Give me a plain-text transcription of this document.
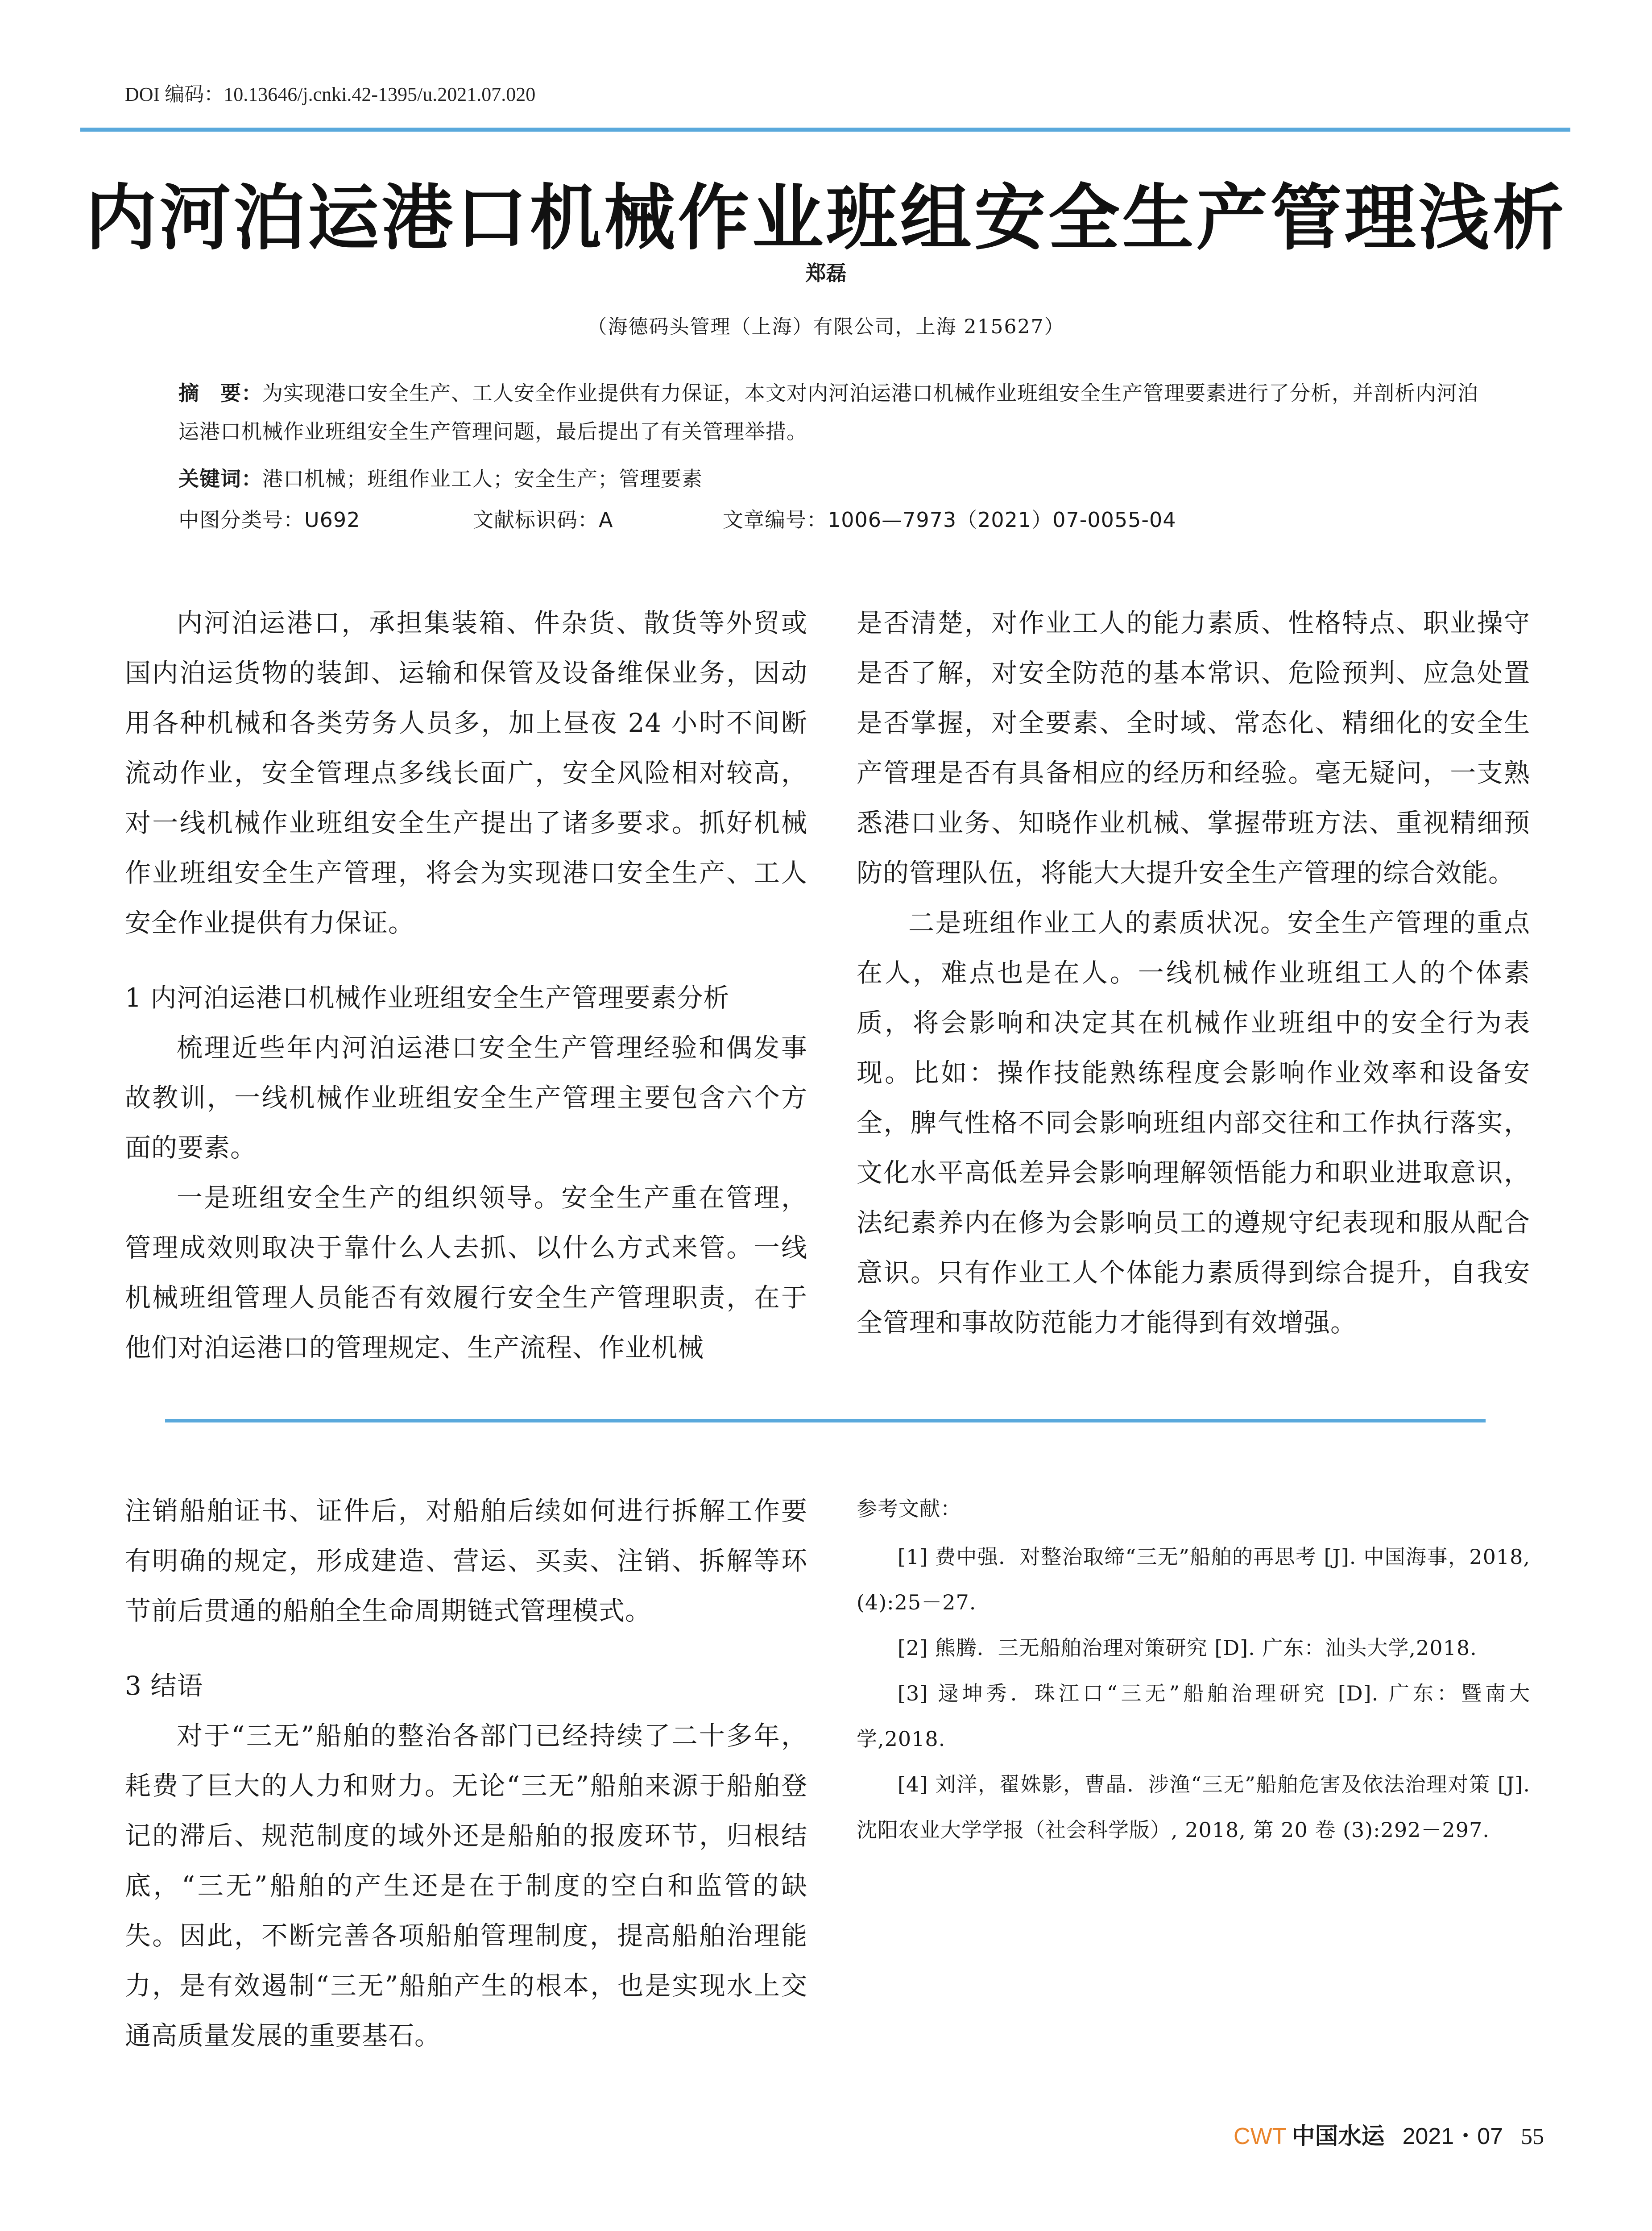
DOI 编码：10.13646/j.cnki.42-1395/u.2021.07.020
内河泊运港口机械作业班组安全生产管理浅析
郑磊
（海德码头管理（上海）有限公司，上海 215627）
摘　要：为实现港口安全生产、工人安全作业提供有力保证，本文对内河泊运港口机械作业班组安全生产管理要素进行了分析，并剖析内河泊运港口机械作业班组安全生产管理问题，最后提出了有关管理举措。
关键词：港口机械；班组作业工人；安全生产；管理要素
中图分类号：U692	文献标识码：A	文章编号：1006—7973（2021）07-0055-04

内河泊运港口，承担集装箱、件杂货、散货等外贸或国内泊运货物的装卸、运输和保管及设备维保业务，因动用各种机械和各类劳务人员多，加上昼夜 24 小时不间断流动作业，安全管理点多线长面广，安全风险相对较高，对一线机械作业班组安全生产提出了诸多要求。抓好机械作业班组安全生产管理，将会为实现港口安全生产、工人安全作业提供有力保证。

1 内河泊运港口机械作业班组安全生产管理要素分析

梳理近些年内河泊运港口安全生产管理经验和偶发事故教训，一线机械作业班组安全生产管理主要包含六个方面的要素。

一是班组安全生产的组织领导。安全生产重在管理，管理成效则取决于靠什么人去抓、以什么方式来管。一线机械班组管理人员能否有效履行安全生产管理职责，在于他们对泊运港口的管理规定、生产流程、作业机械

是否清楚，对作业工人的能力素质、性格特点、职业操守是否了解，对安全防范的基本常识、危险预判、应急处置是否掌握，对全要素、全时域、常态化、精细化的安全生产管理是否有具备相应的经历和经验。毫无疑问，一支熟悉港口业务、知晓作业机械、掌握带班方法、重视精细预防的管理队伍，将能大大提升安全生产管理的综合效能。

二是班组作业工人的素质状况。安全生产管理的重点在人，难点也是在人。一线机械作业班组工人的个体素质，将会影响和决定其在机械作业班组中的安全行为表现。比如：操作技能熟练程度会影响作业效率和设备安全，脾气性格不同会影响班组内部交往和工作执行落实，文化水平高低差异会影响理解领悟能力和职业进取意识，法纪素养内在修为会影响员工的遵规守纪表现和服从配合意识。只有作业工人个体能力素质得到综合提升，自我安全管理和事故防范能力才能得到有效增强。

注销船舶证书、证件后，对船舶后续如何进行拆解工作要有明确的规定，形成建造、营运、买卖、注销、拆解等环节前后贯通的船舶全生命周期链式管理模式。

3 结语

对于“三无”船舶的整治各部门已经持续了二十多年，耗费了巨大的人力和财力。无论“三无”船舶来源于船舶登记的滞后、规范制度的域外还是船舶的报废环节，归根结底，“三无”船舶的产生还是在于制度的空白和监管的缺失。因此，不断完善各项船舶管理制度，提高船舶治理能力，是有效遏制“三无”船舶产生的根本，也是实现水上交通高质量发展的重要基石。

参考文献：

[1] 费中强．对整治取缔“三无”船舶的再思考 [J]. 中国海事，2018, (4):25－27.

[2] 熊腾．三无船舶治理对策研究 [D]. 广东：汕头大学,2018.

[3] 逯坤秀．珠江口“三无”船舶治理研究 [D]. 广东：暨南大学,2018.

[4] 刘洋，翟姝影，曹晶．涉渔“三无”船舶危害及依法治理对策 [J]. 沈阳农业大学学报（社会科学版）, 2018, 第 20 卷 (3):292－297.

CWT 中国水运 2021・07 55
